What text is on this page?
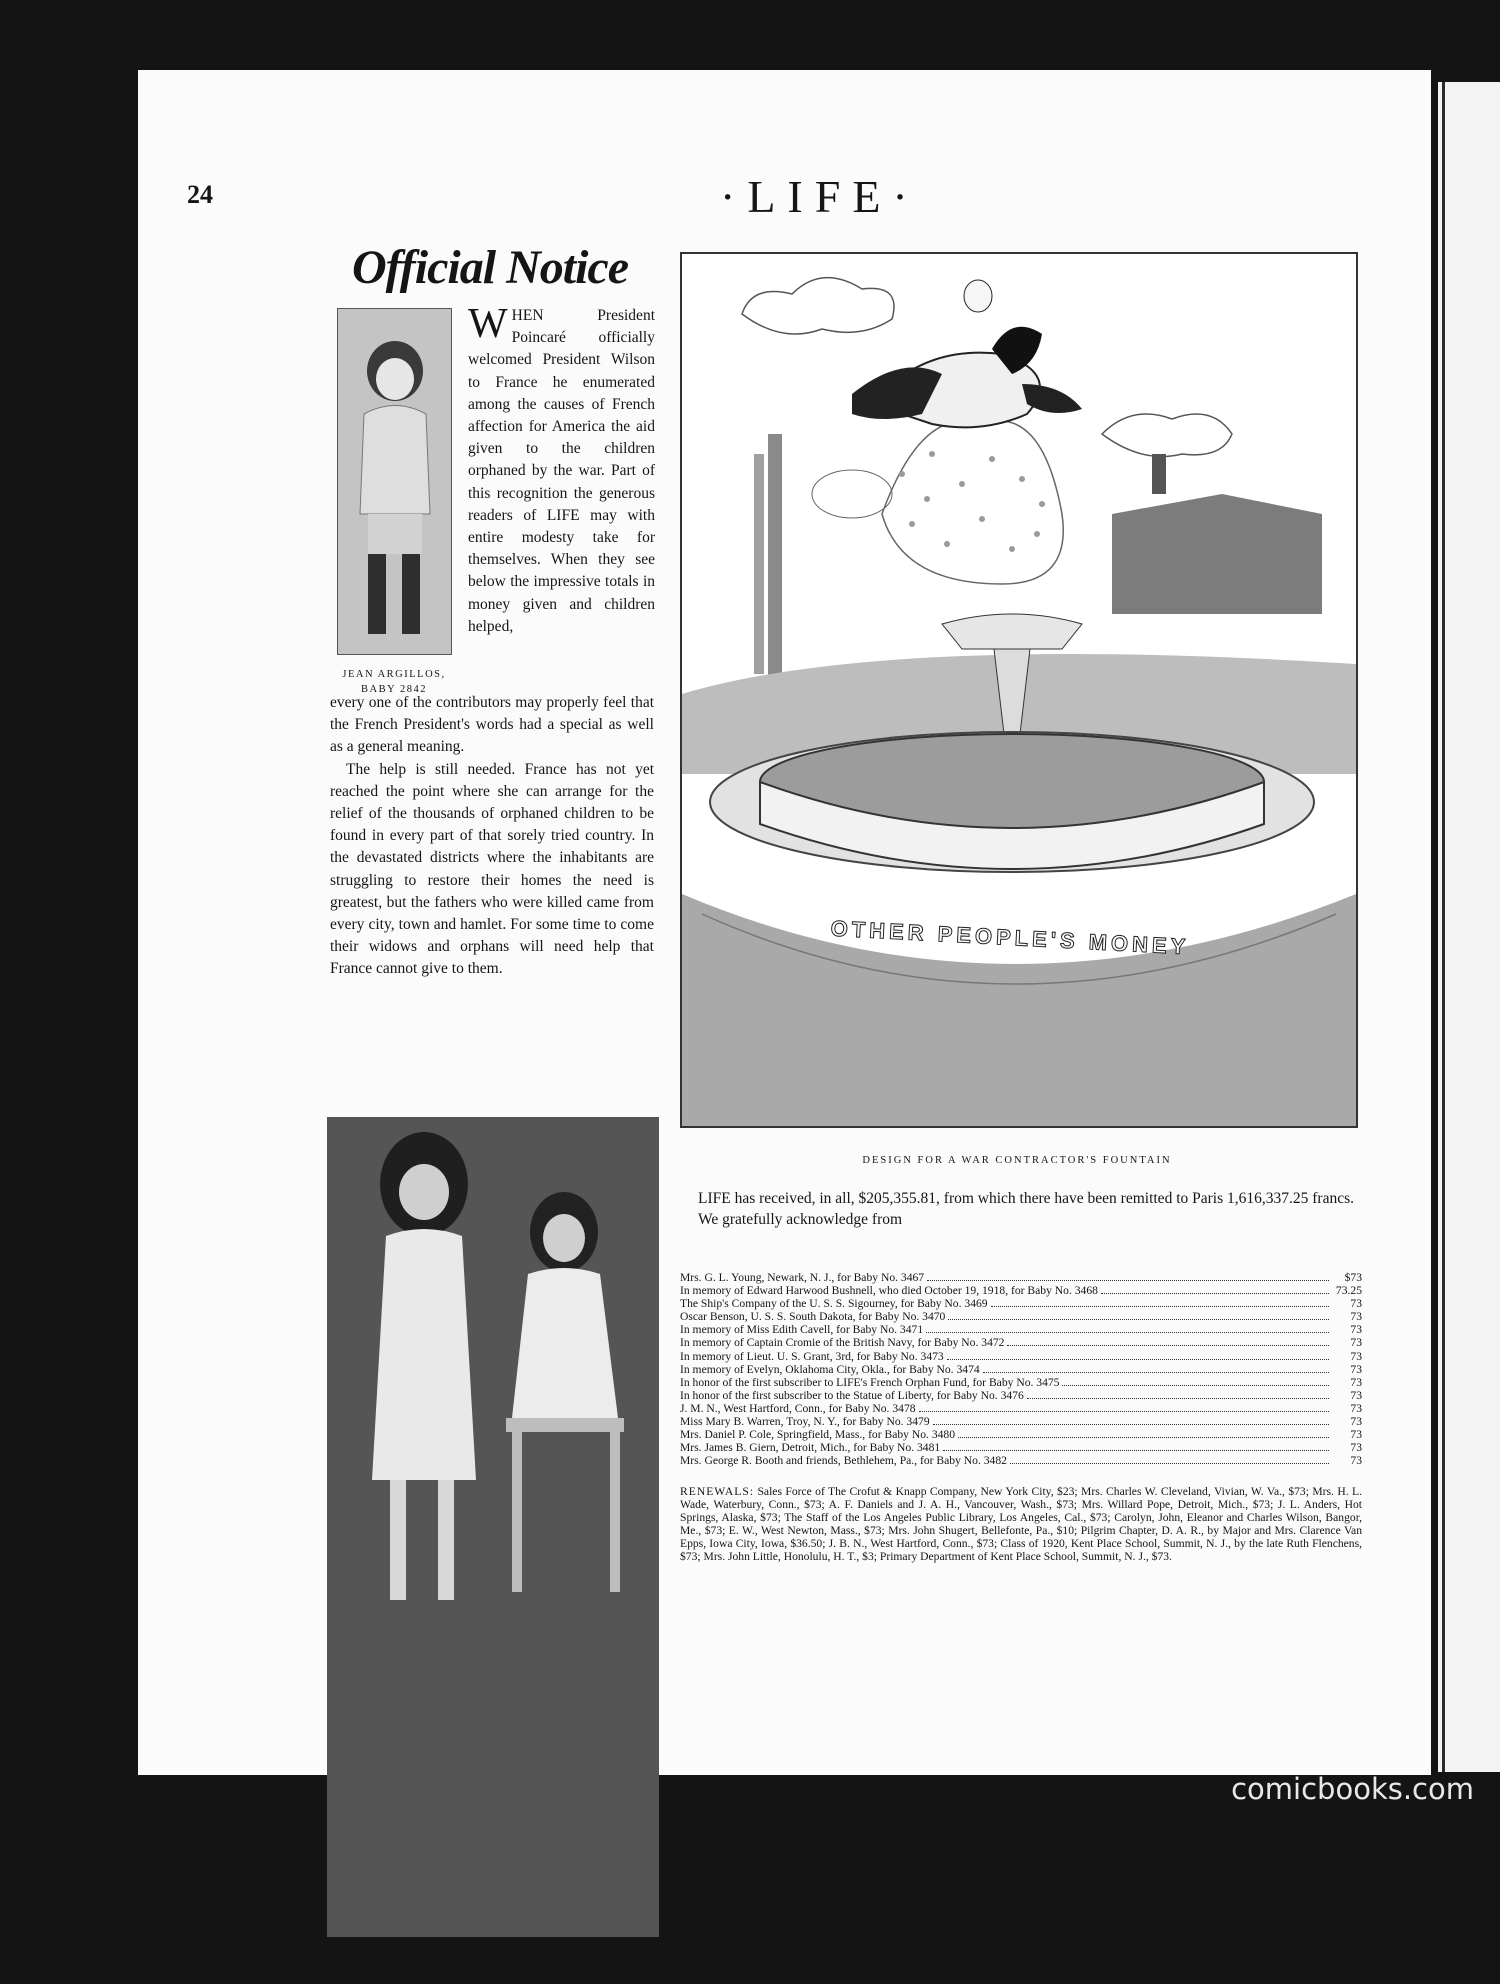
24	·LIFE·
Official Notice
JEAN ARGILLOS, BABY 2842
W HEN President Poincaré officially welcomed President Wilson to France he enumerated among the causes of French affection for America the aid given to the children orphaned by the war. Part of this recognition the generous readers of LIFE may with entire modesty take for themselves. When they see below the impressive totals in money given and children helped,

every one of the contributors may properly feel that the French President's words had a special as well as a general meaning.

The help is still needed. France has not yet reached the point where she can arrange for the relief of the thousands of orphaned children to be found in every part of that sorely tried country. In the devastated districts where the inhabitants are struggling to restore their homes the need is greatest, but the fathers who were killed came from every city, town and hamlet. For some time to come their widows and orphans will need help that France cannot give to them.

PAULETTE DAVY, BABY 2254, AND BERTHE DAVY, BABY 2564
DESIGN FOR A WAR CONTRACTOR'S FOUNTAIN
OTHER PEOPLE'S MONEY

LIFE has received, in all, $205,355.81, from which there have been remitted to Paris 1,616,337.25 francs.

We gratefully acknowledge from

Mrs. G. L. Young, Newark, N. J., for Baby No. 3467	$73
In memory of Edward Harwood Bushnell, who died October 19, 1918, for Baby No. 3468	73.25
The Ship's Company of the U. S. S. Sigourney, for Baby No. 3469	73
Oscar Benson, U. S. S. South Dakota, for Baby No. 3470	73
In memory of Miss Edith Cavell, for Baby No. 3471	73
In memory of Captain Cromie of the British Navy, for Baby No. 3472	73
In memory of Lieut. U. S. Grant, 3rd, for Baby No. 3473	73
In memory of Evelyn, Oklahoma City, Okla., for Baby No. 3474	73
In honor of the first subscriber to LIFE's French Orphan Fund, for Baby No. 3475	73
In honor of the first subscriber to the Statue of Liberty, for Baby No. 3476	73
J. M. N., West Hartford, Conn., for Baby No. 3478	73
Miss Mary B. Warren, Troy, N. Y., for Baby No. 3479	73
Mrs. Daniel P. Cole, Springfield, Mass., for Baby No. 3480	73
Mrs. James B. Giern, Detroit, Mich., for Baby No. 3481	73
Mrs. George R. Booth and friends, Bethlehem, Pa., for Baby No. 3482	73
RENEWALS: Sales Force of The Crofut & Knapp Company, New York City, $23; Mrs. Charles W. Cleveland, Vivian, W. Va., $73; Mrs. H. L. Wade, Waterbury, Conn., $73; A. F. Daniels and J. A. H., Vancouver, Wash., $73; Mrs. Willard Pope, Detroit, Mich., $73; J. L. Anders, Hot Springs, Alaska, $73; The Staff of the Los Angeles Public Library, Los Angeles, Cal., $73; Carolyn, John, Eleanor and Charles Wilson, Bangor, Me., $73; E. W., West Newton, Mass., $73; Mrs. John Shugert, Bellefonte, Pa., $10; Pilgrim Chapter, D. A. R., by Major and Mrs. Clarence Van Epps, Iowa City, Iowa, $36.50; J. B. N., West Hartford, Conn., $73; Class of 1920, Kent Place School, Summit, N. J., by the late Ruth Flenchens, $73; Mrs. John Little, Honolulu, H. T., $3; Primary Department of Kent Place School, Summit, N. J., $73.
comicbooks.com
